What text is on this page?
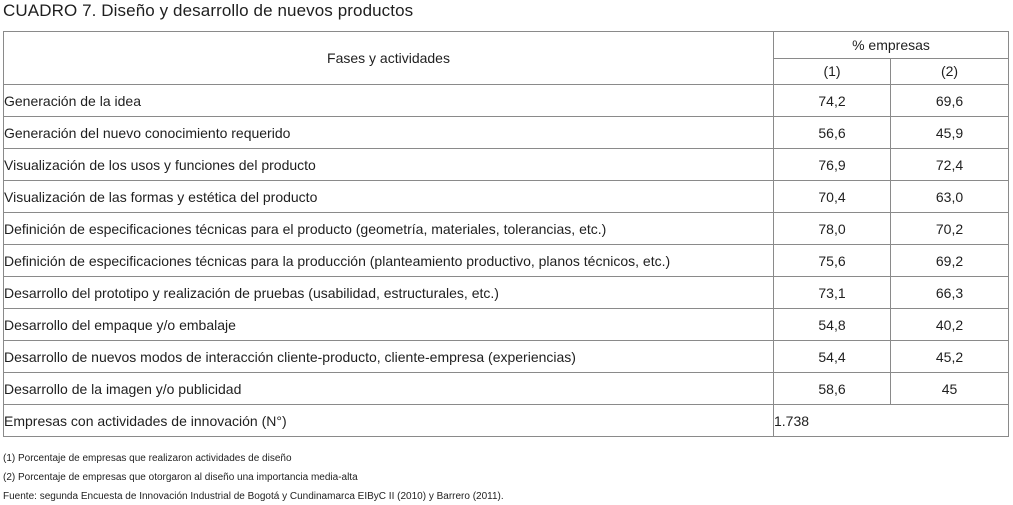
CUADRO 7. Diseño y desarrollo de nuevos productos
Fases y actividades	% empresas	
	(1)	(2)
Generación de la idea	74,2	69,6
Generación del nuevo conocimiento requerido	56,6	45,9
Visualización de los usos y funciones del producto	76,9	72,4
Visualización de las formas y estética del producto	70,4	63,0
Definición de especificaciones técnicas para el producto (geometría, materiales, tolerancias, etc.)	78,0	70,2
Definición de especificaciones técnicas para la producción (planteamiento productivo, planos técnicos, etc.)	75,6	69,2
Desarrollo del prototipo y realización de pruebas (usabilidad, estructurales, etc.)	73,1	66,3
Desarrollo del empaque y/o embalaje	54,8	40,2
Desarrollo de nuevos modos de interacción cliente-producto, cliente-empresa (experiencias)	54,4	45,2
Desarrollo de la imagen y/o publicidad	58,6	45
Empresas con actividades de innovación (N°)	1.738	
(1) Porcentaje de empresas que realizaron actividades de diseño
(2) Porcentaje de empresas que otorgaron al diseño una importancia media-alta
Fuente: segunda Encuesta de Innovación Industrial de Bogotá y Cundinamarca EIByC II (2010) y Barrero (2011).
